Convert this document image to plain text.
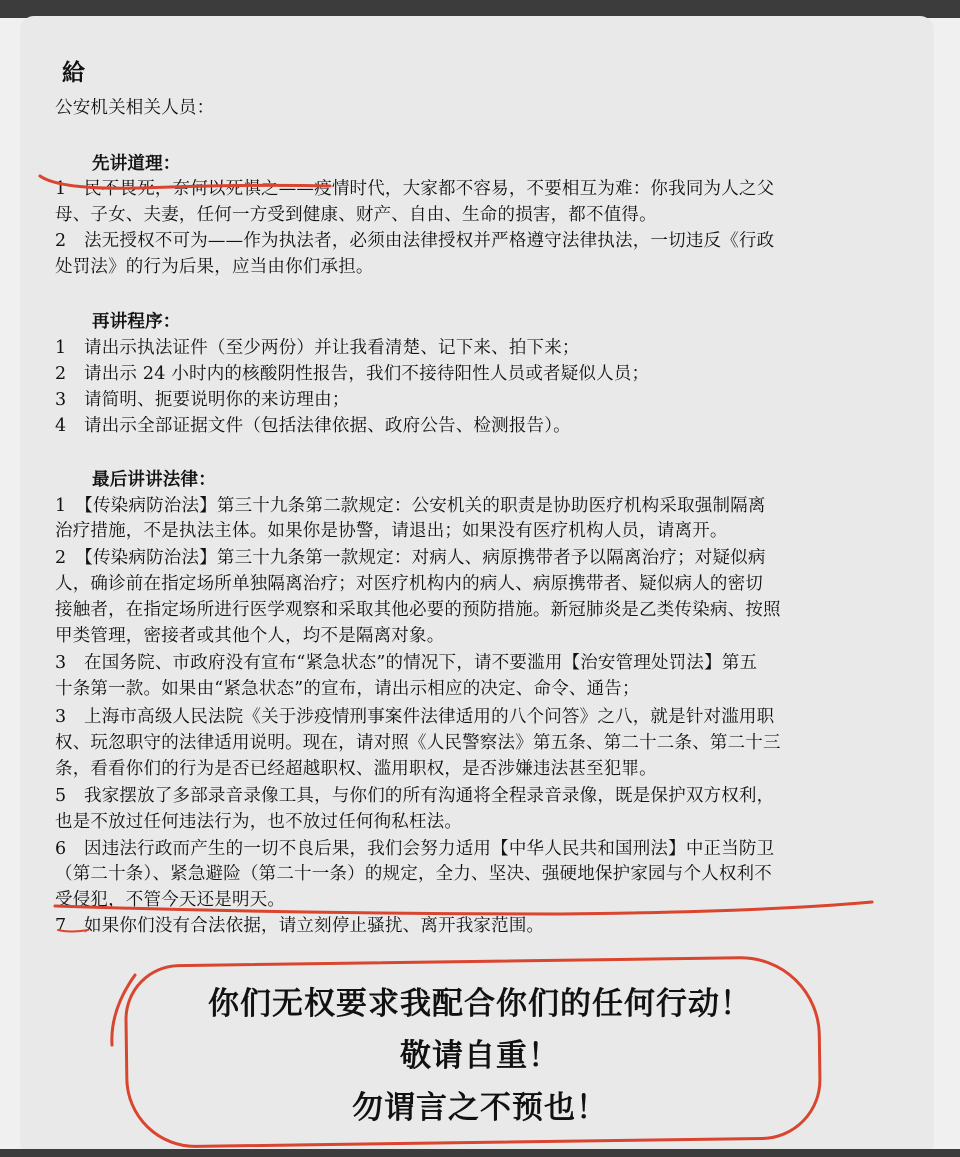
給
公安机关相关人员：
先讲道理：
1　民不畏死，奈何以死惧之——疫情时代，大家都不容易，不要相互为难：你我同为人之父
母、子女、夫妻，任何一方受到健康、财产、自由、生命的损害，都不值得。
2　法无授权不可为——作为执法者，必须由法律授权并严格遵守法律执法，一切违反《行政
处罚法》的行为后果，应当由你们承担。
再讲程序：
1　请出示执法证件（至少两份）并让我看清楚、记下来、拍下来；
2　请出示 24 小时内的核酸阴性报告，我们不接待阳性人员或者疑似人员；
3　请简明、扼要说明你的来访理由；
4　请出示全部证据文件（包括法律依据、政府公告、检测报告）。
最后讲讲法律：
1　【传染病防治法】第三十九条第二款规定：公安机关的职责是协助医疗机构采取强制隔离
治疗措施，不是执法主体。如果你是协警，请退出；如果没有医疗机构人员，请离开。
2　【传染病防治法】第三十九条第一款规定：对病人、病原携带者予以隔离治疗；对疑似病
人，确诊前在指定场所单独隔离治疗；对医疗机构内的病人、病原携带者、疑似病人的密切
接触者，在指定场所进行医学观察和采取其他必要的预防措施。新冠肺炎是乙类传染病、按照
甲类管理，密接者或其他个人，均不是隔离对象。
3　在国务院、市政府没有宣布“紧急状态”的情况下，请不要滥用【治安管理处罚法】第五
十条第一款。如果由“紧急状态”的宣布，请出示相应的决定、命令、通告；
3　上海市高级人民法院《关于涉疫情刑事案件法律适用的八个问答》之八，就是针对滥用职
权、玩忽职守的法律适用说明。现在，请对照《人民警察法》第五条、第二十二条、第二十三
条，看看你们的行为是否已经超越职权、滥用职权，是否涉嫌违法甚至犯罪。
5　我家摆放了多部录音录像工具，与你们的所有沟通将全程录音录像，既是保护双方权利，
也是不放过任何违法行为，也不放过任何徇私枉法。
6　因违法行政而产生的一切不良后果，我们会努力适用【中华人民共和国刑法】中正当防卫
（第二十条）、紧急避险（第二十一条）的规定，全力、坚决、强硬地保护家园与个人权利不
受侵犯，不管今天还是明天。
7　如果你们没有合法依据，请立刻停止骚扰、离开我家范围。
你们无权要求我配合你们的任何行动！
敬请自重！
勿谓言之不预也！
